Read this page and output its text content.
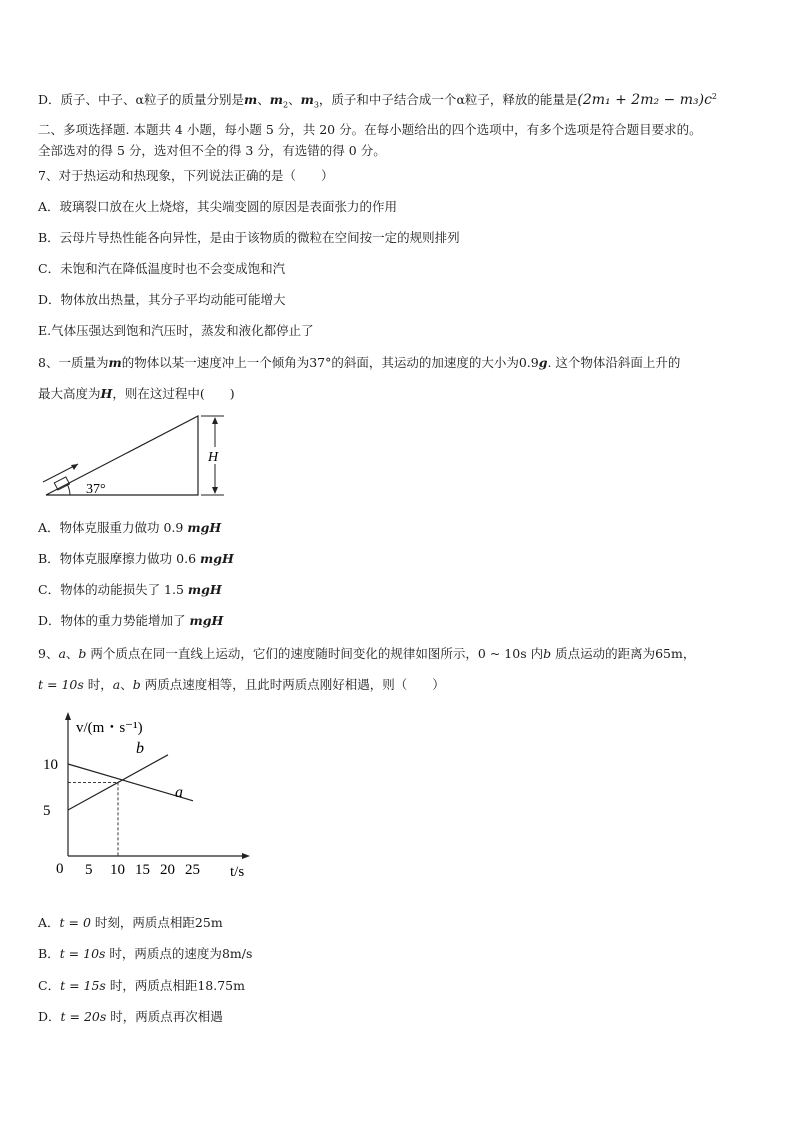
D．质子、中子、α粒子的质量分别是m、$m_2$、$m_3$，质子和中子结合成一个α粒子，释放的能量是$(2m_1 + 2m_2 - m_3)c^2$
二、多项选择题. 本题共 4 小题，每小题 5 分，共 20 分。在每小题给出的四个选项中，有多个选项是符合题目要求的。
全部选对的得 5 分，选对但不全的得 3 分，有选错的得 0 分。
7、对于热运动和热现象，下列说法正确的是（　　）
A．玻璃裂口放在火上烧熔，其尖端变圆的原因是表面张力的作用
B．云母片导热性能各向异性，是由于该物质的微粒在空间按一定的规则排列
C．未饱和汽在降低温度时也不会变成饱和汽
D．物体放出热量，其分子平均动能可能增大
E.气体压强达到饱和汽压时，蒸发和液化都停止了
8、一质量为m的物体以某一速度冲上一个倾角为37°的斜面，其运动的加速度的大小为0.9g. 这个物体沿斜面上升的
最大高度为H，则在这过程中(　　)
37°
H
A．物体克服重力做功 0.9 mgH
B．物体克服摩擦力做功 0.6 mgH
C．物体的动能损失了 1.5 mgH
D．物体的重力势能增加了 mgH
9、a、b 两个质点在同一直线上运动，它们的速度随时间变化的规律如图所示，0 ~ 10s 内b 质点运动的距离为65m，
t = 10s 时，a、b 两质点速度相等，且此时两质点刚好相遇，则（　　）
v/(m・s⁻¹)
t/s
0 5 10 15 20 25
5
10
a
b
A．t = 0 时刻，两质点相距25m
B．t = 10s 时，两质点的速度为8m/s
C．t = 15s 时，两质点相距18.75m
D．t = 20s 时，两质点再次相遇
